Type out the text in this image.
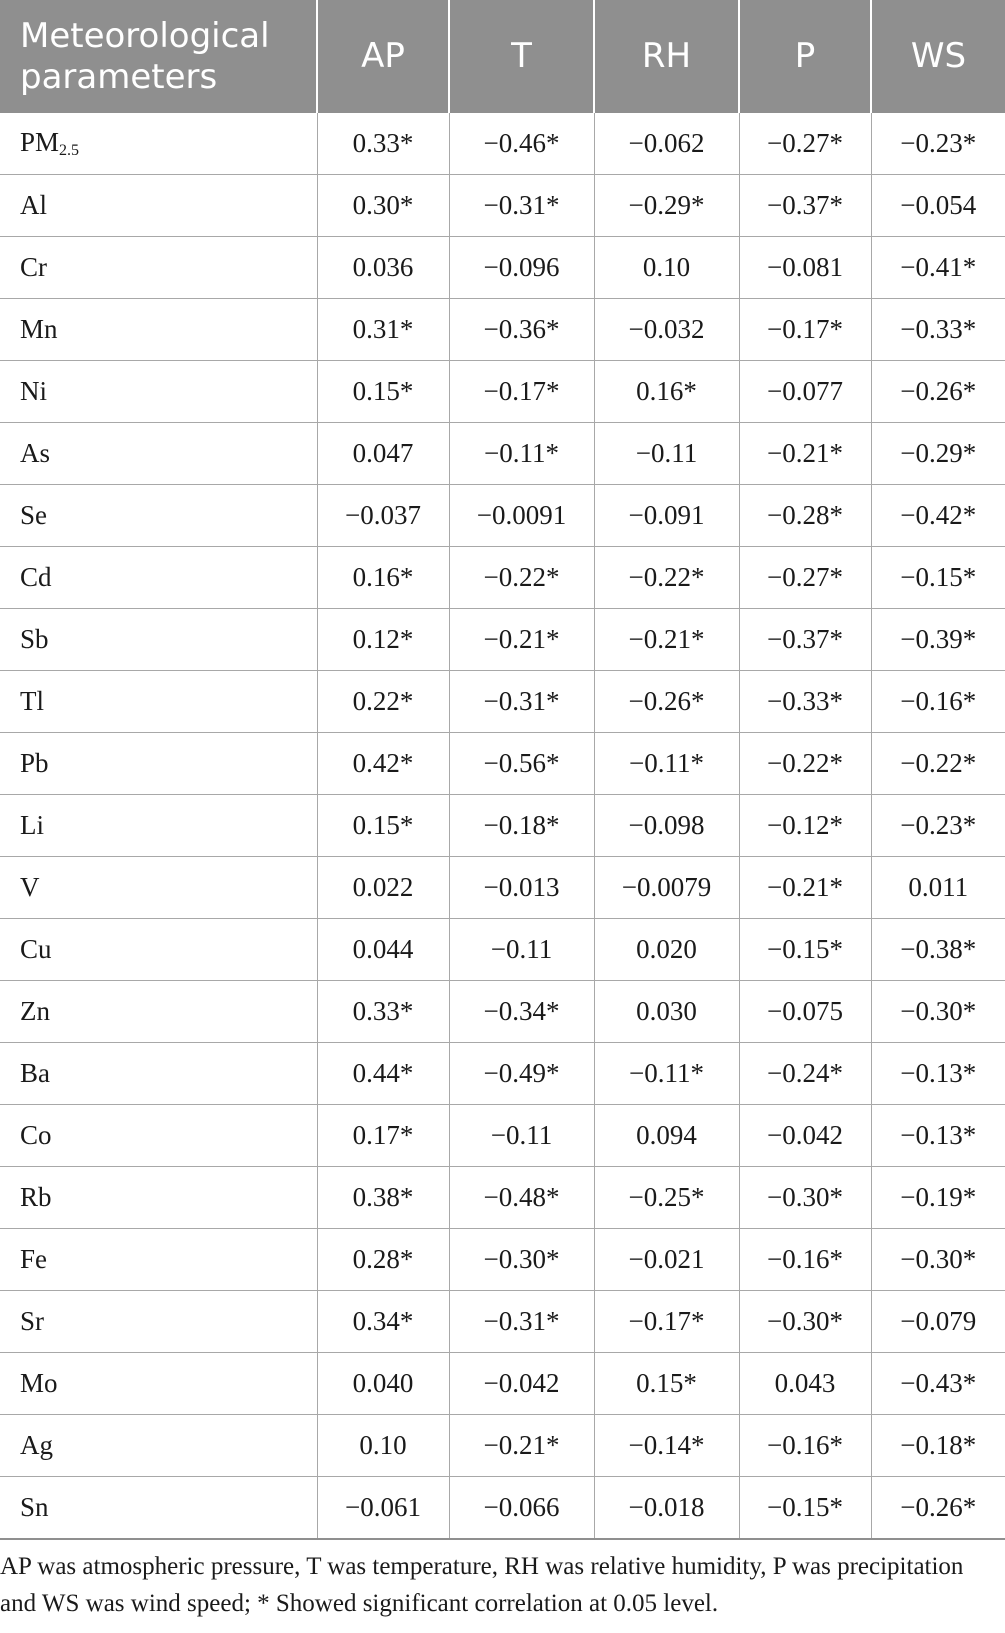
Meteorological parameters	AP	T	RH	P	WS
$PM_{2.5}$	0.33*	−0.46*	−0.062	−0.27*	−0.23*
Al	0.30*	−0.31*	−0.29*	−0.37*	−0.054
Cr	0.036	−0.096	0.10	−0.081	−0.41*
Mn	0.31*	−0.36*	−0.032	−0.17*	−0.33*
Ni	0.15*	−0.17*	0.16*	−0.077	−0.26*
As	0.047	−0.11*	−0.11	−0.21*	−0.29*
Se	−0.037	−0.0091	−0.091	−0.28*	−0.42*
Cd	0.16*	−0.22*	−0.22*	−0.27*	−0.15*
Sb	0.12*	−0.21*	−0.21*	−0.37*	−0.39*
Tl	0.22*	−0.31*	−0.26*	−0.33*	−0.16*
Pb	0.42*	−0.56*	−0.11*	−0.22*	−0.22*
Li	0.15*	−0.18*	−0.098	−0.12*	−0.23*
V	0.022	−0.013	−0.0079	−0.21*	0.011
Cu	0.044	−0.11	0.020	−0.15*	−0.38*
Zn	0.33*	−0.34*	0.030	−0.075	−0.30*
Ba	0.44*	−0.49*	−0.11*	−0.24*	−0.13*
Co	0.17*	−0.11	0.094	−0.042	−0.13*
Rb	0.38*	−0.48*	−0.25*	−0.30*	−0.19*
Fe	0.28*	−0.30*	−0.021	−0.16*	−0.30*
Sr	0.34*	−0.31*	−0.17*	−0.30*	−0.079
Mo	0.040	−0.042	0.15*	0.043	−0.43*
Ag	0.10	−0.21*	−0.14*	−0.16*	−0.18*
Sn	−0.061	−0.066	−0.018	−0.15*	−0.26*
AP was atmospheric pressure, T was temperature, RH was relative humidity, P was precipitation and WS was wind speed; * Showed significant correlation at 0.05 level.
